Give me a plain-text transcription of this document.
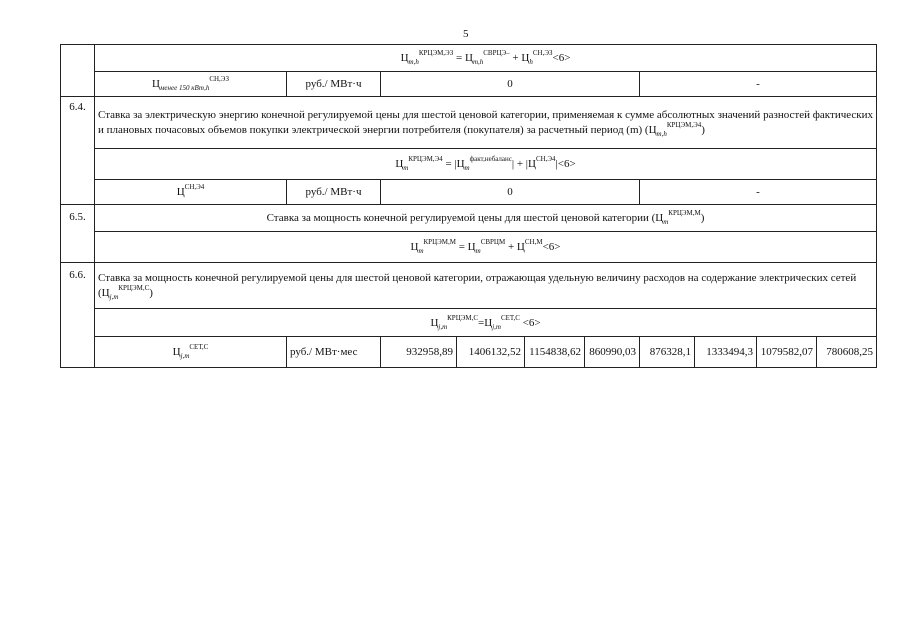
5
	$Ц_{m,h}^{КРЦЭМ,ЭЗ} = Ц_{m,h}^{СВРЦЭ-} + Ц_h^{СН,ЭЗ}<6>$									
	$Ц_{менее 150 кВт,h}^{СН,ЭЗ}$	руб./ МВт·ч	0				-			
6.4.	Ставка за электрическую энергию конечной регулируемой цены для шестой ценовой категории, применяемая к сумме абсолютных значений разностей фактических и плановых почасовых объемов покупки электрической энергии потребителя (покупателя) за расчетный период (m) $(Ц_{m,h}^{КРЦЭМ,Э4})$									
	$Ц_m^{КРЦЭМ,Э4} = |Ц_m^{факт,небаланс}| + |Ц^{СН,Э4}|<6>$									
	$Ц^{СН,Э4}$	руб./ МВт·ч	0				-			
6.5.	Ставка за мощность конечной регулируемой цены для шестой ценовой категории $(Ц_m^{КРЦЭМ,М})$									
	$Ц_m^{КРЦЭМ,М} = Ц_m^{СВРЦМ} + Ц^{СН,М}<6>$									
6.6.	Ставка за мощность конечной регулируемой цены для шестой ценовой категории, отражающая удельную величину расходов на содержание электрических сетей $(Ц_{j,m}^{КРЦЭМ,С})$									
	$Ц_{j,m}^{КРЦЭМ,С}=Ц_{j,m}^{СЕТ,С} <6>$									
	$Ц_{j,m}^{СЕТ,С}$	руб./ МВт·мес	932958,89	1406132,52	1154838,62	860990,03	876328,1	1333494,3	1079582,07	780608,25
